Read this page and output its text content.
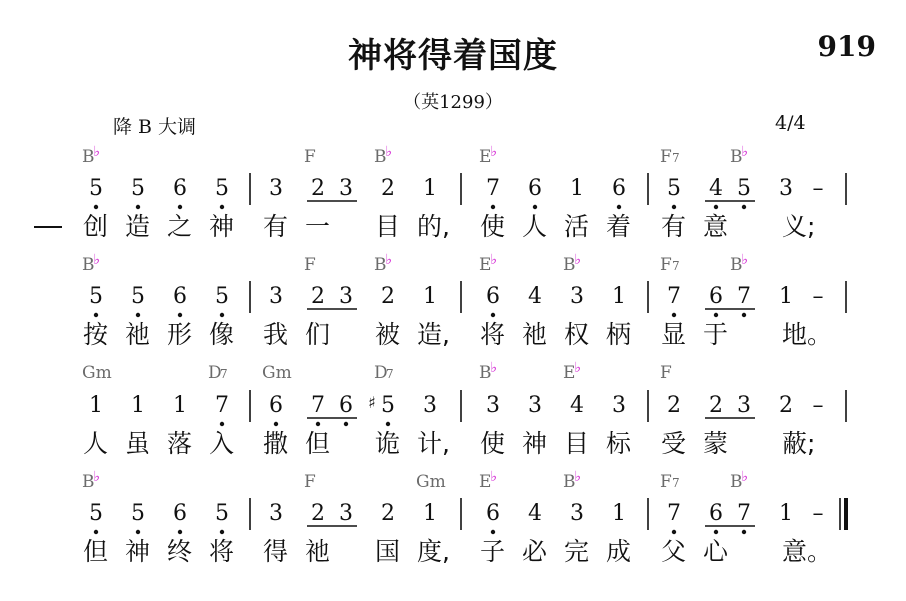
神将得着国度	919
（英1299）
降 B 大调	4/4
B ♭	F	B ♭	E ♭	F 7	B ♭
5 5 6 5 3 2 3 2 1 7 6 1 6 5 4 5 3 –
创 造 之 神 有 一 目 的, 使 人 活 着 有 意 义;
B ♭	F	B ♭	E ♭	B ♭	F 7	B ♭
5 5 6 5 3 2 3 2 1 6 4 3 1 7 6 7 1 –
按 祂 形 像 我 们 被 造, 将 祂 权 柄 显 于 地。
Gm	D
7 Gm	D
7	B ♭	E ♭	F
1 1 1 7 6 7 6 ♯ 5 3 3 3 4 3 2 2 3 2 –
人 虽 落 入 撒 但 诡 计, 使 神 目 标 受 蒙 蔽;
B ♭	F	Gm E ♭	B ♭	F 7	B ♭
5 5 6 5 3 2 3 2 1 6 4 3 1 7 6 7 1 –
但 神 终 将 得 祂 国 度, 子 必 完 成 父 心 意。
